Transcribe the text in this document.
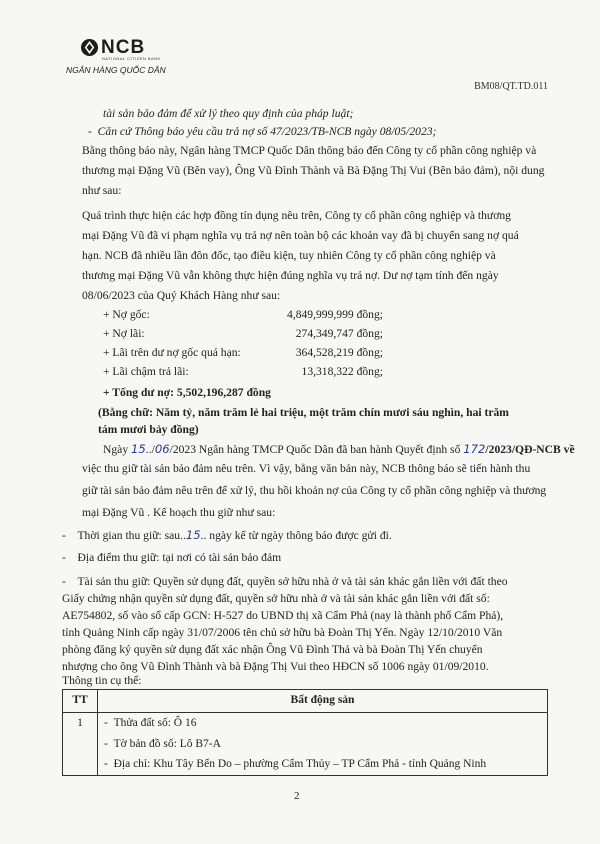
NCB
NATIONAL CITIZEN BANK
NGÂN HÀNG QUỐC DÂN
BM08/QT.TD.011
tài sản bảo đảm để xử lý theo quy định của pháp luật;
-  Căn cứ Thông báo yêu cầu trả nợ số 47/2023/TB-NCB ngày 08/05/2023;
Bằng thông báo này, Ngân hàng TMCP Quốc Dân thông báo đến Công ty cổ phần công nghiệp và
thương mại Đặng Vũ (Bên vay), Ông Vũ Đình Thành và Bà Đặng Thị Vui (Bên bảo đảm), nội dung
như sau:
Quá trình thực hiện các hợp đồng tín dụng nêu trên, Công ty cổ phần công nghiệp và thương
mại Đặng Vũ đã vi phạm nghĩa vụ trả nợ nên toàn bộ các khoản vay đã bị chuyển sang nợ quá
hạn. NCB đã nhiều lần đôn đốc, tạo điều kiện, tuy nhiên Công ty cổ phần công nghiệp và
thương mại Đặng Vũ vẫn không thực hiện đúng nghĩa vụ trả nợ. Dư nợ tạm tính đến ngày
08/06/2023 của Quý Khách Hàng như sau:
+ Nợ gốc:	4,849,999,999 đồng;
+ Nợ lãi:	274,349,747 đồng;
+ Lãi trên dư nợ gốc quá hạn:	364,528,219 đồng;
+ Lãi chậm trả lãi:	13,318,322 đồng;
+ Tổng dư nợ: 5,502,196,287 đồng
(Bằng chữ: Năm tỷ, năm trăm lẻ hai triệu, một trăm chín mươi sáu nghìn, hai trăm
tám mươi bảy đồng)
Ngày 15../06/2023 Ngân hàng TMCP Quốc Dân đã ban hành Quyết định số 172/2023/QĐ-NCB về
việc thu giữ tài sản bảo đảm nêu trên. Vì vậy, bằng văn bản này, NCB thông báo sẽ tiến hành thu
giữ tài sản bảo đảm nêu trên để xử lý, thu hồi khoản nợ của Công ty cổ phần công nghiệp và thương
mại Đặng Vũ . Kế hoạch thu giữ như sau:
-    Thời gian thu giữ: sau..15.. ngày kể từ ngày thông báo được gửi đi.
-    Địa điểm thu giữ: tại nơi có tài sản bảo đảm
-    Tài sản thu giữ: Quyền sử dụng đất, quyền sở hữu nhà ở và tài sản khác gắn liền với đất theo
Giấy chứng nhận quyền sử dụng đất, quyền sở hữu nhà ở và tài sản khác gắn liền với đất số:
AE754802, số vào sổ cấp GCN: H-527 do UBND thị xã Cẩm Phả (nay là thành phố Cẩm Phả),
tỉnh Quảng Ninh cấp ngày 31/07/2006 tên chủ sở hữu bà Đoàn Thị Yến. Ngày 12/10/2010 Văn
phòng đăng ký quyền sử dụng đất xác nhận Ông Vũ Đình Thả và bà Đoàn Thị Yến chuyển
nhượng cho ông Vũ Đình Thành và bà Đặng Thị Vui theo HĐCN số 1006 ngày 01/09/2010.
Thông tin cụ thể:
TT	Bất động sản
1	-  Thửa đất số: Ô 16
-  Tờ bản đồ số: Lô B7-A
-  Địa chỉ: Khu Tây Bến Do – phường Cẩm Thủy – TP Cẩm Phả - tỉnh Quảng Ninh
2
